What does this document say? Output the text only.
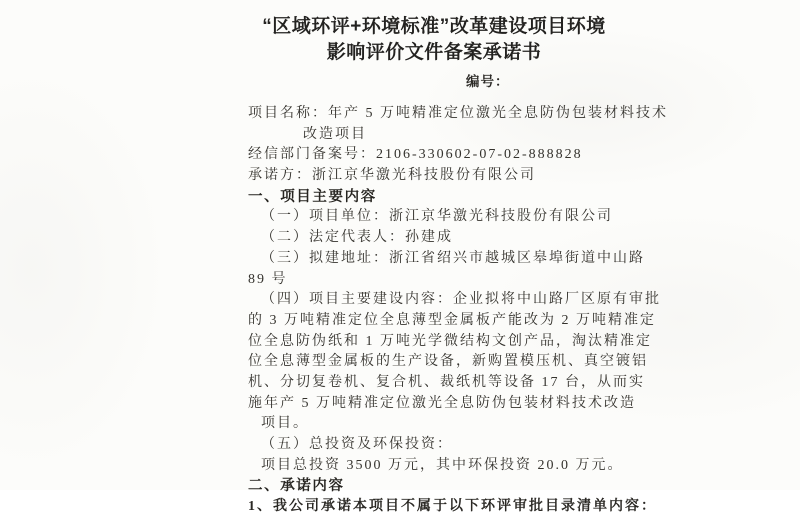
“区域环评+环境标准”改革建设项目环境
影响评价文件备案承诺书
编号：
项目名称：年产 5 万吨精准定位激光全息防伪包装材料技术
改造项目
经信部门备案号：2106-330602-07-02-888828
承诺方：浙江京华激光科技股份有限公司
一、项目主要内容
（一）项目单位：浙江京华激光科技股份有限公司
（二）法定代表人：孙建成
（三）拟建地址：浙江省绍兴市越城区皋埠街道中山路
89 号
（四）项目主要建设内容：企业拟将中山路厂区原有审批
的 3 万吨精准定位全息薄型金属板产能改为 2 万吨精准定
位全息防伪纸和 1 万吨光学微结构文创产品，淘汰精准定
位全息薄型金属板的生产设备，新购置模压机、真空镀铝
机、分切复卷机、复合机、裁纸机等设备 17 台，从而实
施年产 5 万吨精准定位激光全息防伪包装材料技术改造
项目。
（五）总投资及环保投资：
项目总投资 3500 万元，其中环保投资 20.0 万元。
二、承诺内容
1、我公司承诺本项目不属于以下环评审批目录清单内容：
